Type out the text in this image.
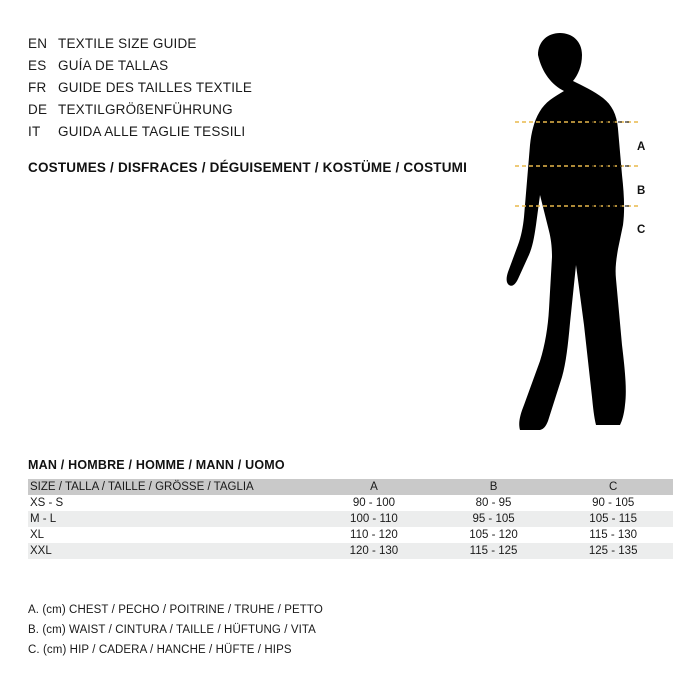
EN TEXTILE SIZE GUIDE
ES GUÍA DE TALLAS
FR GUIDE DES TAILLES TEXTILE
DE TEXTILGRÖßENFÜHRUNG
IT	GUIDA ALLE TAGLIE TESSILI
COSTUMES / DISFRACES / DÉGUISEMENT / KOSTÜME / COSTUMI
A
B
C
MAN / HOMBRE / HOMME / MANN / UOMO
SIZE / TALLA / TAILLE / GRÖSSE / TAGLIA	A	B	C
XS - S	90 - 100	80 - 95	90 - 105
M - L	100 - 110	95 - 105	105 - 115
XL	110 - 120	105 - 120	115 - 130
XXL	120 - 130	115 - 125	125 - 135
A. (cm) CHEST / PECHO / POITRINE / TRUHE / PETTO
B. (cm) WAIST / CINTURA / TAILLE / HÜFTUNG / VITA
C. (cm) HIP / CADERA / HANCHE / HÜFTE / HIPS
